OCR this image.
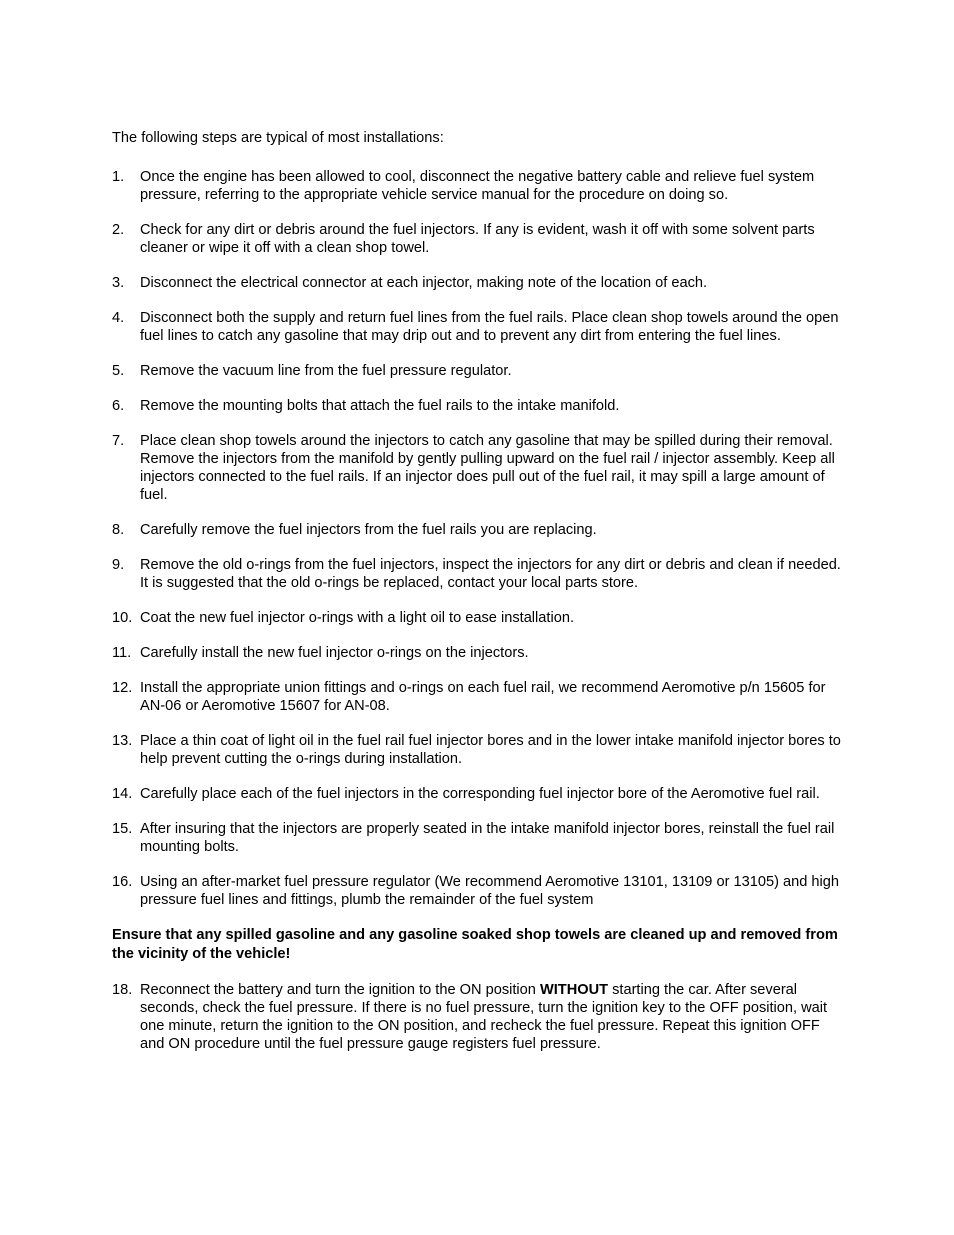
The following steps are typical of most installations:

1.	Once the engine has been allowed to cool, disconnect the negative battery cable and relieve fuel system pressure, referring to the appropriate vehicle service manual for the procedure on doing so.
2.	Check for any dirt or debris around the fuel injectors. If any is evident, wash it off with some solvent parts cleaner or wipe it off with a clean shop towel.
3.	Disconnect the electrical connector at each injector, making note of the location of each.
4.	Disconnect both the supply and return fuel lines from the fuel rails. Place clean shop towels around the open fuel lines to catch any gasoline that may drip out and to prevent any dirt from entering the fuel lines.
5.	Remove the vacuum line from the fuel pressure regulator.
6.	Remove the mounting bolts that attach the fuel rails to the intake manifold.
7.	Place clean shop towels around the injectors to catch any gasoline that may be spilled during their removal. Remove the injectors from the manifold by gently pulling upward on the fuel rail / injector assembly. Keep all injectors connected to the fuel rails. If an injector does pull out of the fuel rail, it may spill a large amount of fuel.
8.	Carefully remove the fuel injectors from the fuel rails you are replacing.
9.	Remove the old o-rings from the fuel injectors, inspect the injectors for any dirt or debris and clean if needed. It is suggested that the old o-rings be replaced, contact your local parts store.
10. Coat the new fuel injector o-rings with a light oil to ease installation.
11. Carefully install the new fuel injector o-rings on the injectors.
12. Install the appropriate union fittings and o-rings on each fuel rail, we recommend Aeromotive p/n 15605 for AN-06 or Aeromotive 15607 for AN-08.
13. Place a thin coat of light oil in the fuel rail fuel injector bores and in the lower intake manifold injector bores to help prevent cutting the o-rings during installation.
14. Carefully place each of the fuel injectors in the corresponding fuel injector bore of the Aeromotive fuel rail.
15. After insuring that the injectors are properly seated in the intake manifold injector bores, reinstall the fuel rail mounting bolts.
16. Using an after-market fuel pressure regulator (We recommend Aeromotive 13101, 13109 or 13105) and high pressure fuel lines and fittings, plumb the remainder of the fuel system

Ensure that any spilled gasoline and any gasoline soaked shop towels are cleaned up and removed from the vicinity of the vehicle!

18. Reconnect the battery and turn the ignition to the ON position WITHOUT starting the car. After several seconds, check the fuel pressure. If there is no fuel pressure, turn the ignition key to the OFF position, wait one minute, return the ignition to the ON position, and recheck the fuel pressure. Repeat this ignition OFF and ON procedure until the fuel pressure gauge registers fuel pressure.
